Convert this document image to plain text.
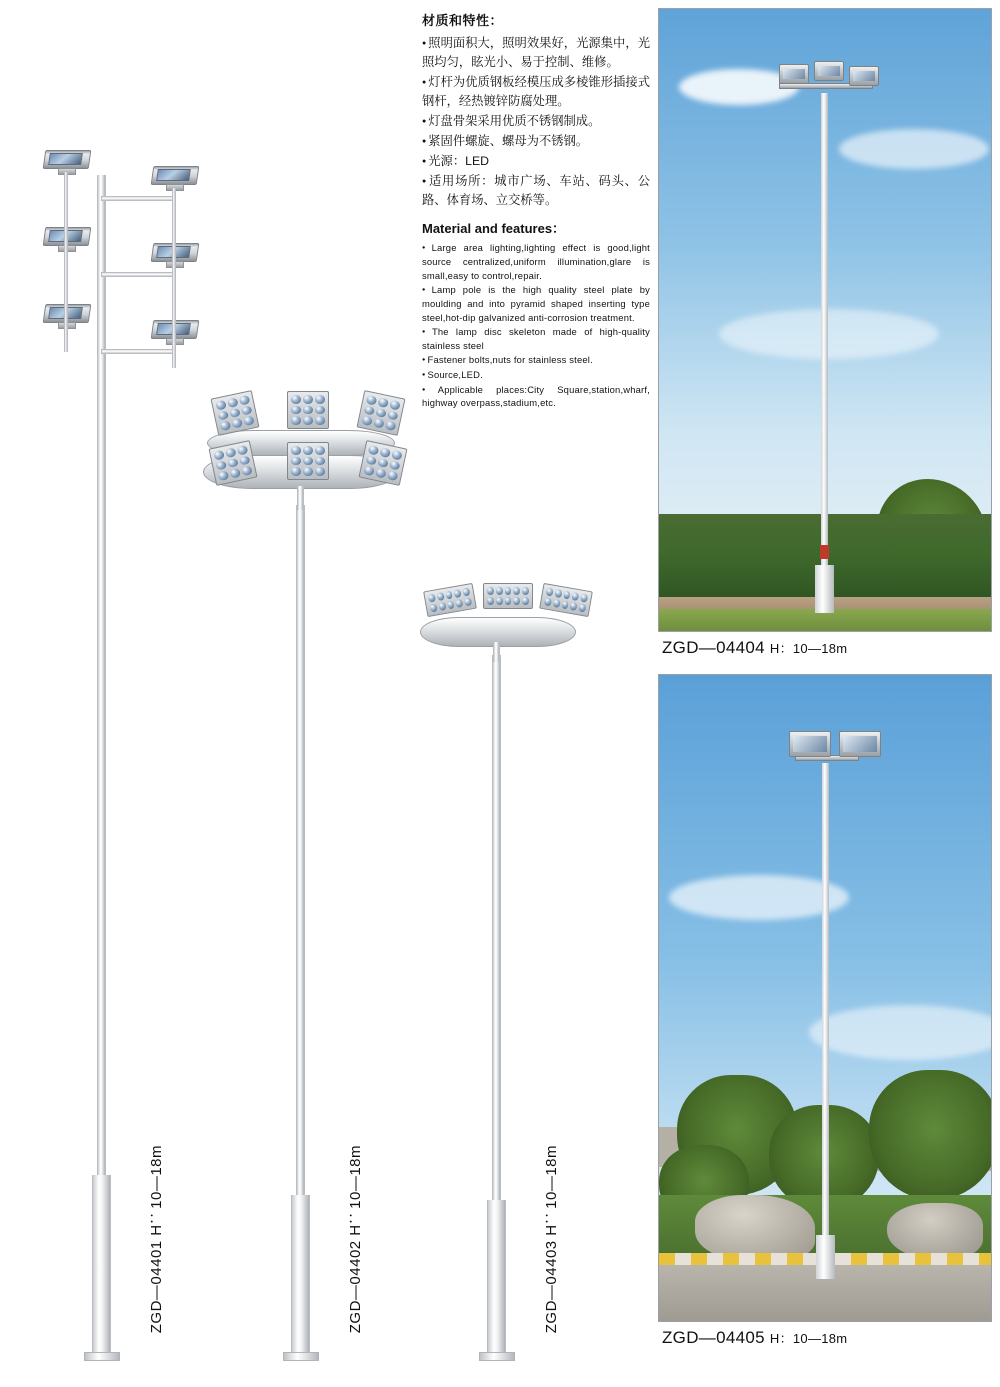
ZGD—04401 H：10—18m
ZGD—04402 H：10—18m
ZGD—04403 H：10—18m
材质和特性：
● 照明面积大，照明效果好，光源集中，光照均匀，眩光小、易于控制、维修。
● 灯杆为优质钢板经模压成多棱锥形插接式钢杆，经热镀锌防腐处理。
● 灯盘骨架采用优质不锈钢制成。
● 紧固件螺旋、螺母为不锈钢。
● 光源：LED
● 适用场所：城市广场、车站、码头、公路、体育场、立交桥等。
Material and features：
● Large area lighting,lighting effect is good,light source centralized,uniform illumination,glare is small,easy to control,repair.
● Lamp pole is the high quality steel plate by moulding and into pyramid shaped inserting type steel,hot-dip galvanized anti-corrosion treatment.
● The lamp disc skeleton made of high-quality stainless steel
● Fastener bolts,nuts for stainless steel.
● Source,LED.
● Applicable places:City Square,station,wharf, highway overpass,stadium,etc.
ZGD—04404 H：10—18m
ZGD—04405 H：10—18m
